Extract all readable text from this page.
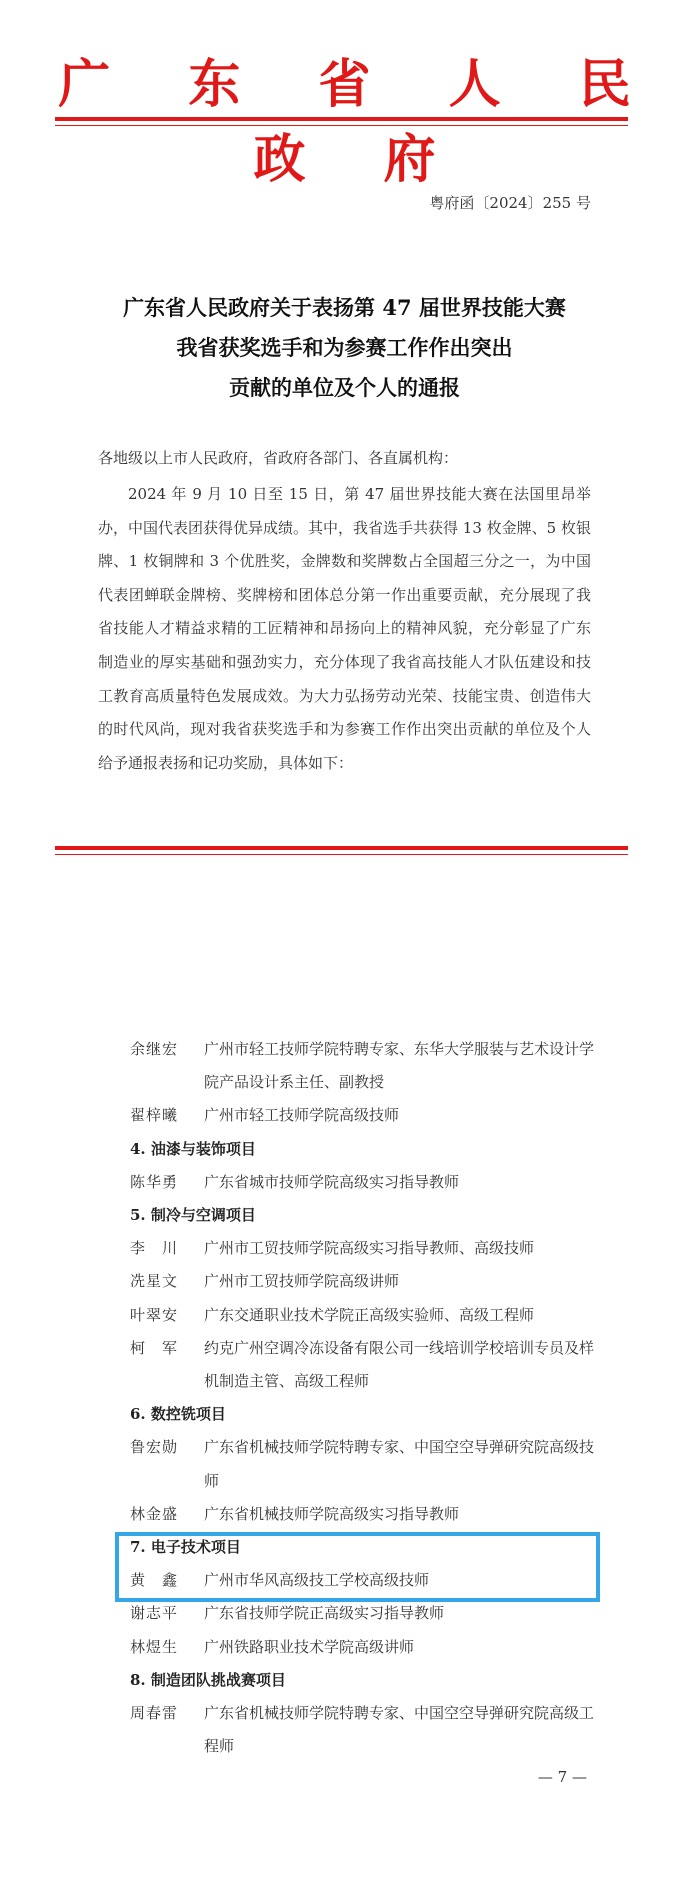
广 东 省 人 民 政 府
粤府函〔2024〕255 号
广东省人民政府关于表扬第 47 届世界技能大赛
我省获奖选手和为参赛工作作出突出
贡献的单位及个人的通报
各地级以上市人民政府，省政府各部门、各直属机构：
2024 年 9 月 10 日至 15 日，第 47 届世界技能大赛在法国里昂举办，中国代表团获得优异成绩。其中，我省选手共获得 13 枚金牌、5 枚银牌、1 枚铜牌和 3 个优胜奖，金牌数和奖牌数占全国超三分之一，为中国代表团蝉联金牌榜、奖牌榜和团体总分第一作出重要贡献，充分展现了我省技能人才精益求精的工匠精神和昂扬向上的精神风貌，充分彰显了广东制造业的厚实基础和强劲实力，充分体现了我省高技能人才队伍建设和技工教育高质量特色发展成效。为大力弘扬劳动光荣、技能宝贵、创造伟大的时代风尚，现对我省获奖选手和为参赛工作作出突出贡献的单位及个人给予通报表扬和记功奖励，具体如下：
余继宏	广州市轻工技师学院特聘专家、东华大学服装与艺术设计学院产品设计系主任、副教授
翟梓曦	广州市轻工技师学院高级技师
4. 油漆与装饰项目
陈华勇	广东省城市技师学院高级实习指导教师
5. 制冷与空调项目
李　川	广州市工贸技师学院高级实习指导教师、高级技师
冼星文	广州市工贸技师学院高级讲师
叶翠安	广东交通职业技术学院正高级实验师、高级工程师
柯　军	约克广州空调冷冻设备有限公司一线培训学校培训专员及样机制造主管、高级工程师
6. 数控铣项目
鲁宏勋	广东省机械技师学院特聘专家、中国空空导弹研究院高级技师
林金盛	广东省机械技师学院高级实习指导教师
7. 电子技术项目
黄　鑫	广州市华风高级技工学校高级技师
谢志平	广东省技师学院正高级实习指导教师
林煜生	广州铁路职业技术学院高级讲师
8. 制造团队挑战赛项目
周春雷	广东省机械技师学院特聘专家、中国空空导弹研究院高级工程师
— 7 —
